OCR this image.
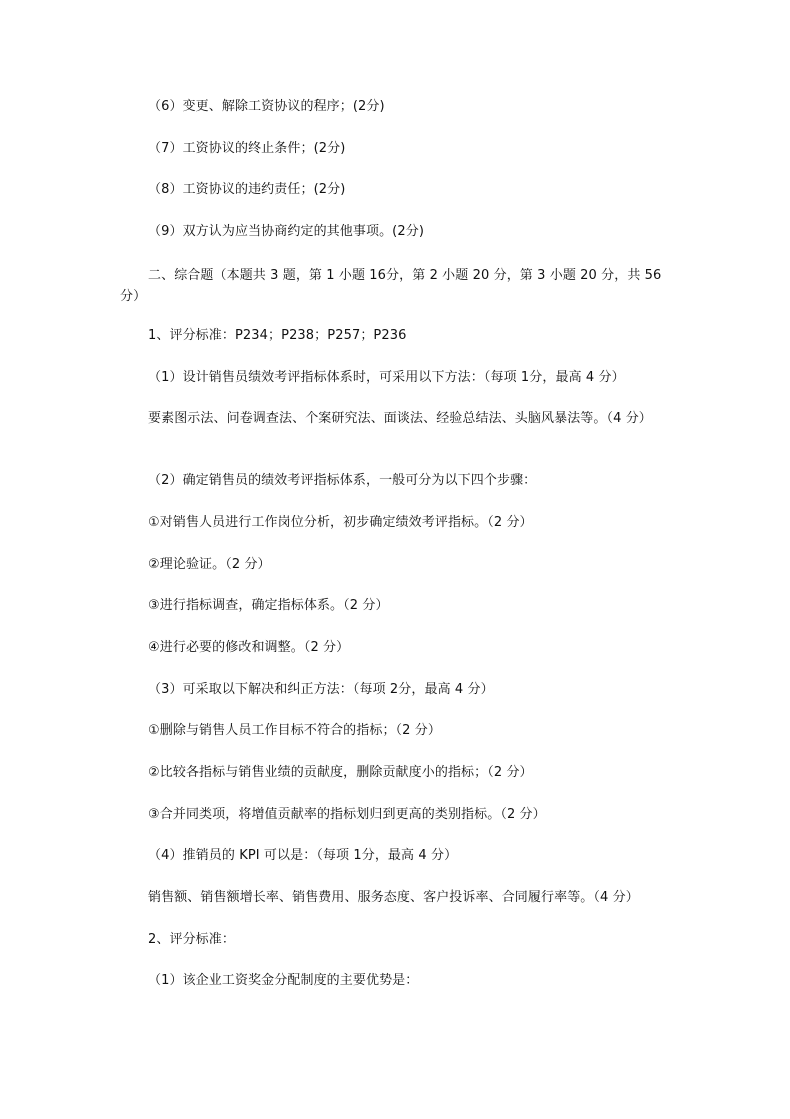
（6）变更、解除工资协议的程序；(2分)

（7）工资协议的终止条件；(2分)

（8）工资协议的违约责任；(2分)

（9）双方认为应当协商约定的其他事项。(2分)

二、综合题（本题共 3 题，第 1 小题 16分，第 2 小题 20 分，第 3 小题 20 分，共 56 分）

1、评分标准：P234；P238；P257；P236

（1）设计销售员绩效考评指标体系时，可采用以下方法：（每项 1分，最高 4 分）

要素图示法、问卷调查法、个案研究法、面谈法、经验总结法、头脑风暴法等。（4 分）

（2）确定销售员的绩效考评指标体系，一般可分为以下四个步骤：

①对销售人员进行工作岗位分析，初步确定绩效考评指标。（2 分）

②理论验证。（2 分）

③进行指标调查，确定指标体系。（2 分）

④进行必要的修改和调整。（2 分）

（3）可采取以下解决和纠正方法：（每项 2分，最高 4 分）

①删除与销售人员工作目标不符合的指标；（2 分）

②比较各指标与销售业绩的贡献度，删除贡献度小的指标；（2 分）

③合并同类项，将增值贡献率的指标划归到更高的类别指标。（2 分）

（4）推销员的 KPI 可以是：（每项 1分，最高 4 分）

销售额、销售额增长率、销售费用、服务态度、客户投诉率、合同履行率等。（4 分）

2、评分标准：

（1）该企业工资奖金分配制度的主要优势是：
